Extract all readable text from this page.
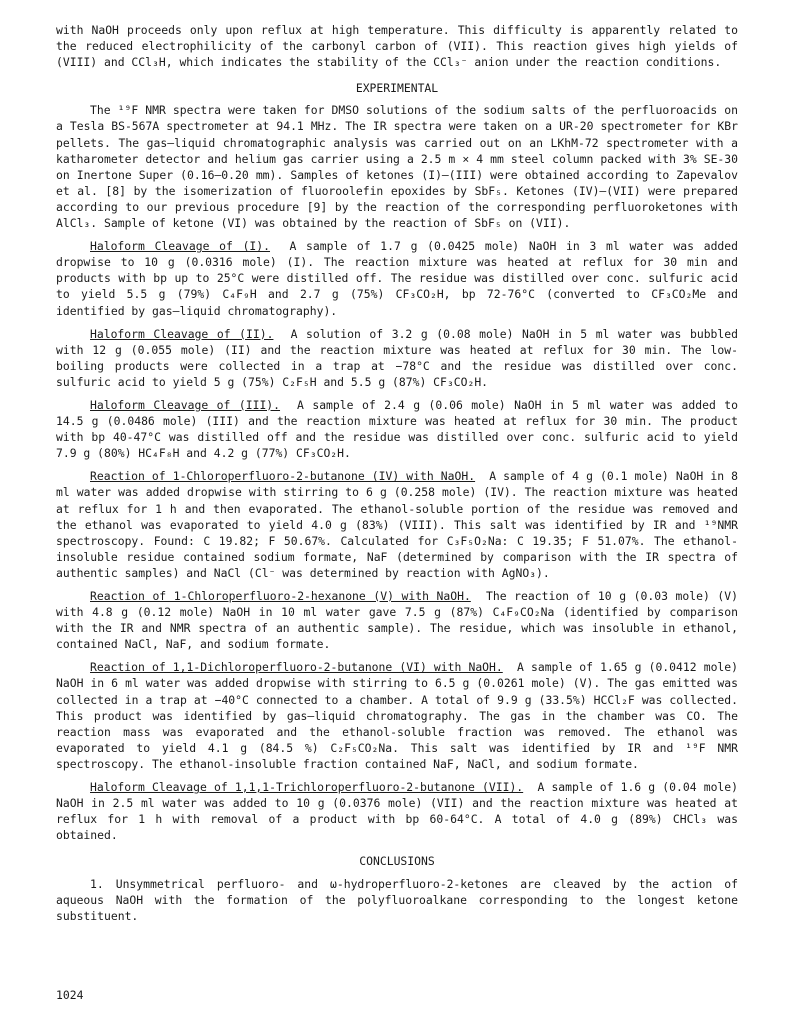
with NaOH proceeds only upon reflux at high temperature. This difficulty is apparently related to the reduced electrophilicity of the carbonyl carbon of (VII). This reaction gives high yields of (VIII) and CCl₃H, which indicates the stability of the CCl₃⁻ anion under the reaction conditions.

EXPERIMENTAL

The ¹⁹F NMR spectra were taken for DMSO solutions of the sodium salts of the perfluoroacids on a Tesla BS-567A spectrometer at 94.1 MHz. The IR spectra were taken on a UR-20 spectrometer for KBr pellets. The gas—liquid chromatographic analysis was carried out on an LKhM-72 spectrometer with a katharometer detector and helium gas carrier using a 2.5 m × 4 mm steel column packed with 3% SE-30 on Inertone Super (0.16–0.20 mm). Samples of ketones (I)–(III) were obtained according to Zapevalov et al. [8] by the isomerization of fluoroolefin epoxides by SbF₅. Ketones (IV)–(VII) were prepared according to our previous procedure [9] by the reaction of the corresponding perfluoroketones with AlCl₃. Sample of ketone (VI) was obtained by the reaction of SbF₅ on (VII).

Haloform Cleavage of (I). A sample of 1.7 g (0.0425 mole) NaOH in 3 ml water was added dropwise to 10 g (0.0316 mole) (I). The reaction mixture was heated at reflux for 30 min and products with bp up to 25°C were distilled off. The residue was distilled over conc. sulfuric acid to yield 5.5 g (79%) C₄F₉H and 2.7 g (75%) CF₃CO₂H, bp 72-76°C (converted to CF₃CO₂Me and identified by gas—liquid chromatography).

Haloform Cleavage of (II). A solution of 3.2 g (0.08 mole) NaOH in 5 ml water was bubbled with 12 g (0.055 mole) (II) and the reaction mixture was heated at reflux for 30 min. The low-boiling products were collected in a trap at −78°C and the residue was distilled over conc. sulfuric acid to yield 5 g (75%) C₂F₅H and 5.5 g (87%) CF₃CO₂H.

Haloform Cleavage of (III). A sample of 2.4 g (0.06 mole) NaOH in 5 ml water was added to 14.5 g (0.0486 mole) (III) and the reaction mixture was heated at reflux for 30 min. The product with bp 40-47°C was distilled off and the residue was distilled over conc. sulfuric acid to yield 7.9 g (80%) HC₄F₈H and 4.2 g (77%) CF₃CO₂H.

Reaction of 1-Chloroperfluoro-2-butanone (IV) with NaOH. A sample of 4 g (0.1 mole) NaOH in 8 ml water was added dropwise with stirring to 6 g (0.258 mole) (IV). The reaction mixture was heated at reflux for 1 h and then evaporated. The ethanol-soluble portion of the residue was removed and the ethanol was evaporated to yield 4.0 g (83%) (VIII). This salt was identified by IR and ¹⁹NMR spectroscopy. Found: C 19.82; F 50.67%. Calculated for C₃F₅O₂Na: C 19.35; F 51.07%. The ethanol-insoluble residue contained sodium formate, NaF (determined by comparison with the IR spectra of authentic samples) and NaCl (Cl⁻ was determined by reaction with AgNO₃).

Reaction of 1-Chloroperfluoro-2-hexanone (V) with NaOH. The reaction of 10 g (0.03 mole) (V) with 4.8 g (0.12 mole) NaOH in 10 ml water gave 7.5 g (87%) C₄F₉CO₂Na (identified by comparison with the IR and NMR spectra of an authentic sample). The residue, which was insoluble in ethanol, contained NaCl, NaF, and sodium formate.

Reaction of 1,1-Dichloroperfluoro-2-butanone (VI) with NaOH. A sample of 1.65 g (0.0412 mole) NaOH in 6 ml water was added dropwise with stirring to 6.5 g (0.0261 mole) (V). The gas emitted was collected in a trap at −40°C connected to a chamber. A total of 9.9 g (33.5%) HCCl₂F was collected. This product was identified by gas—liquid chromatography. The gas in the chamber was CO. The reaction mass was evaporated and the ethanol-soluble fraction was removed. The ethanol was evaporated to yield 4.1 g (84.5 %) C₂F₅CO₂Na. This salt was identified by IR and ¹⁹F NMR spectroscopy. The ethanol-insoluble fraction contained NaF, NaCl, and sodium formate.

Haloform Cleavage of 1,1,1-Trichloroperfluoro-2-butanone (VII). A sample of 1.6 g (0.04 mole) NaOH in 2.5 ml water was added to 10 g (0.0376 mole) (VII) and the reaction mixture was heated at reflux for 1 h with removal of a product with bp 60-64°C. A total of 4.0 g (89%) CHCl₃ was obtained.

CONCLUSIONS

1. Unsymmetrical perfluoro- and ω-hydroperfluoro-2-ketones are cleaved by the action of aqueous NaOH with the formation of the polyfluoroalkane corresponding to the longest ketone substituent.

1024
